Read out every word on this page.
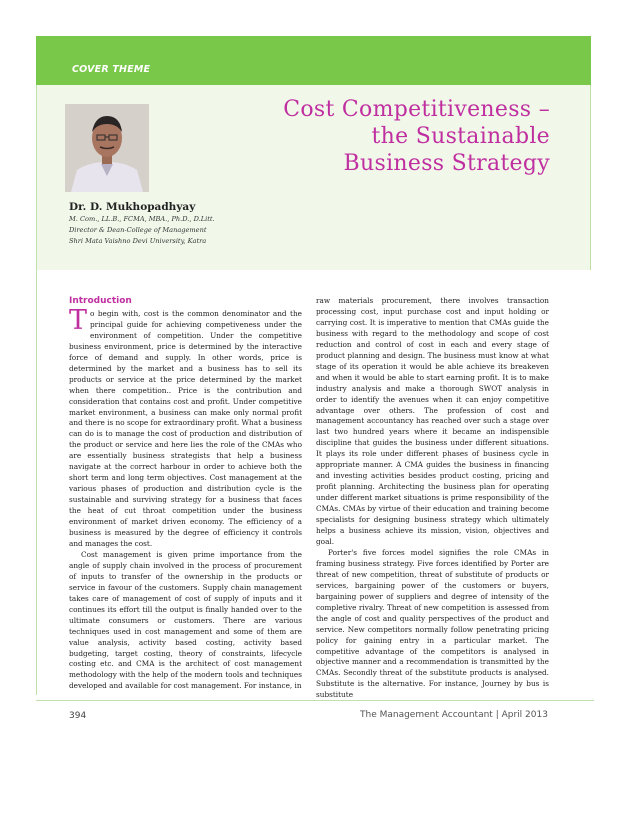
COVER THEME
Cost Competitiveness –
the Sustainable
Business Strategy
Dr. D. Mukhopadhyay
M. Com., LL.B., FCMA, MBA., Ph.D., D.Litt.
Director & Dean-College of Management
Shri Mata Vaishno Devi University, Katra
Introduction

To begin with, cost is the common denominator and the principal guide for achieving competiveness under the environment of competition. Under the competitive business environment, price is determined by the interactive force of demand and supply. In other words, price is determined by the market and a business has to sell its products or service at the price determined by the market when there competition.. Price is the contribution and consideration that contains cost and profit. Under competitive market environment, a business can make only normal profit and there is no scope for extraordinary profit. What a business can do is to manage the cost of production and distribution of the product or service and here lies the role of the CMAs who are essentially business strategists that help a business navigate at the correct harbour in order to achieve both the short term and long term objectives. Cost management at the various phases of production and distribution cycle is the sustainable and surviving strategy for a business that faces the heat of cut throat competition under the business environment of market driven economy. The efficiency of a business is measured by the degree of efficiency it controls and manages the cost.

Cost management is given prime importance from the angle of supply chain involved in the process of procurement of inputs to transfer of the ownership in the products or service in favour of the customers. Supply chain management takes care of management of cost of supply of inputs and it continues its effort till the output is finally handed over to the ultimate consumers or customers. There are various techniques used in cost management and some of them are value analysis, activity based costing, activity based budgeting, target costing, theory of constraints, lifecycle costing etc. and CMA is the architect of cost management methodology with the help of the modern tools and techniques developed and available for cost management. For instance, in

raw materials procurement, there involves transaction processing cost, input purchase cost and input holding or carrying cost. It is imperative to mention that CMAs guide the business with regard to the methodology and scope of cost reduction and control of cost in each and every stage of product planning and design. The business must know at what stage of its operation it would be able achieve its breakeven and when it would be able to start earning profit. It is to make industry analysis and make a thorough SWOT analysis in order to identify the avenues when it can enjoy competitive advantage over others. The profession of cost and management accountancy has reached over such a stage over last two hundred years where it became an indispensible discipline that guides the business under different situations. It plays its role under different phases of business cycle in appropriate manner. A CMA guides the business in financing and investing activities besides product costing, pricing and profit planning. Architecting the business plan for operating under different market situations is prime responsibility of the CMAs. CMAs by virtue of their education and training become specialists for designing business strategy which ultimately helps a business achieve its mission, vision, objectives and goal.

Porter's five forces model signifies the role CMAs in framing business strategy. Five forces identified by Porter are threat of new competition, threat of substitute of products or services, bargaining power of the customers or buyers, bargaining power of suppliers and degree of intensity of the completive rivalry. Threat of new competition is assessed from the angle of cost and quality perspectives of the product and service. New competitors normally follow penetrating pricing policy for gaining entry in a particular market. The competitive advantage of the competitors is analysed in objective manner and a recommendation is transmitted by the CMAs. Secondly threat of the substitute products is analysed. Substitute is the alternative. For instance, Journey by bus is substitute

394	The Management Accountant | April 2013
